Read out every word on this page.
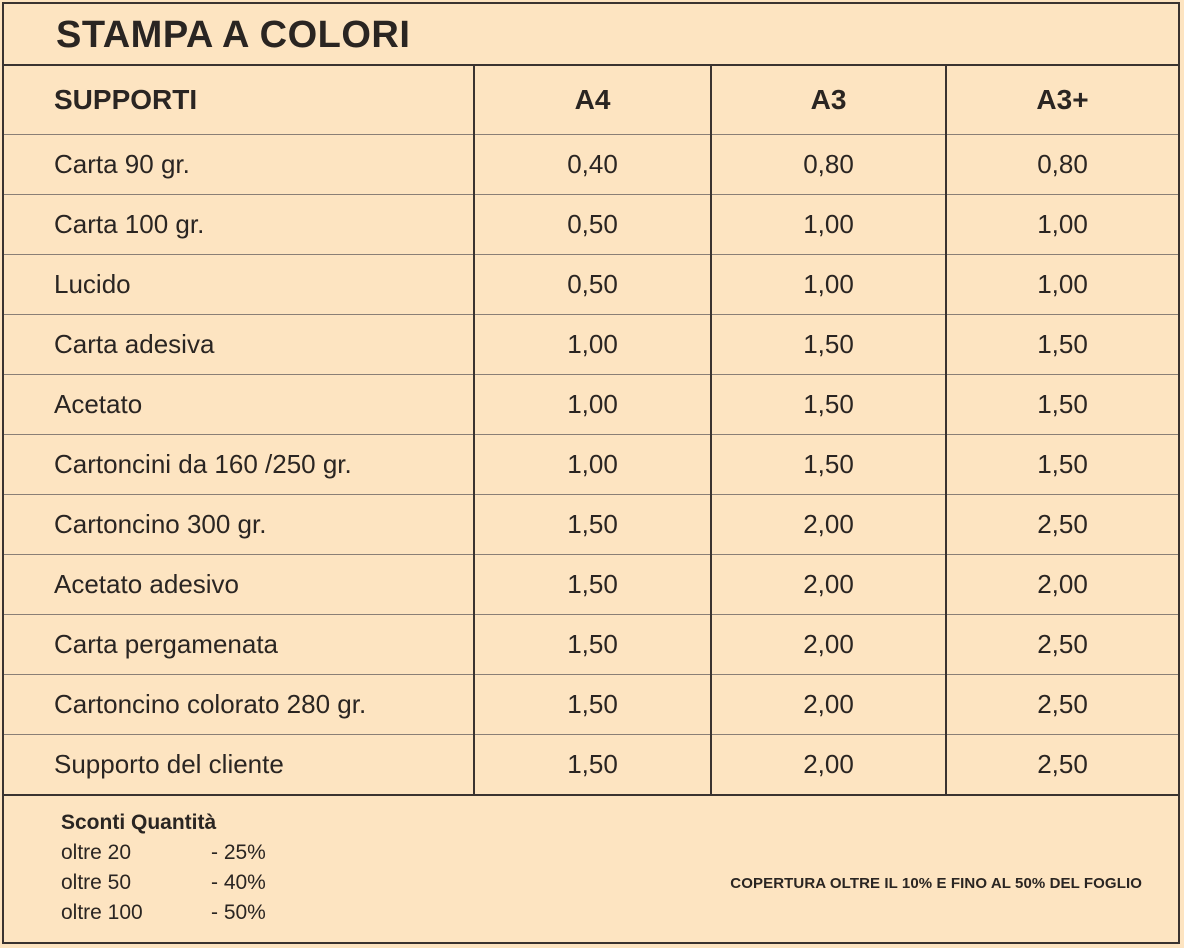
STAMPA A COLORI
SUPPORTI	A4	A3	A3+
Carta 90 gr.	0,40	0,80	0,80
Carta 100 gr.	0,50	1,00	1,00
Lucido	0,50	1,00	1,00
Carta adesiva	1,00	1,50	1,50
Acetato	1,00	1,50	1,50
Cartoncini da 160 /250 gr.	1,00	1,50	1,50
Cartoncino 300 gr.	1,50	2,00	2,50
Acetato adesivo	1,50	2,00	2,00
Carta pergamenata	1,50	2,00	2,50
Cartoncino colorato 280 gr.	1,50	2,00	2,50
Supporto del cliente	1,50	2,00	2,50
Sconti Quantità
oltre 20	- 25%
oltre 50	- 40%
oltre 100	- 50%
COPERTURA OLTRE IL 10% E FINO AL 50% DEL FOGLIO
